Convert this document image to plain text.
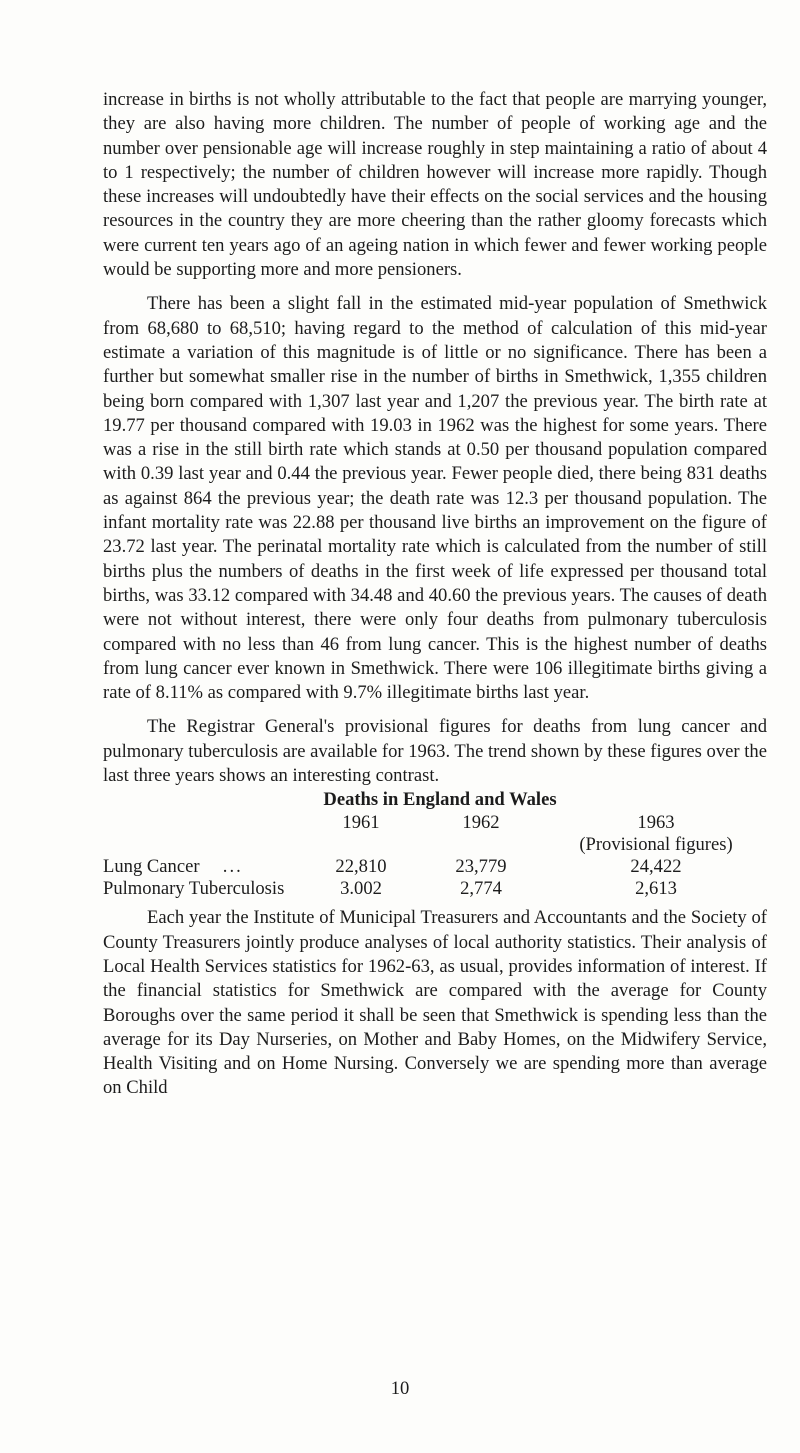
increase in births is not wholly attributable to the fact that people are marrying younger, they are also having more children. The number of people of working age and the number over pensionable age will increase roughly in step maintaining a ratio of about 4 to 1 respectively; the number of children however will increase more rapidly. Though these increases will undoubtedly have their effects on the social services and the housing resources in the country they are more cheering than the rather gloomy forecasts which were current ten years ago of an ageing nation in which fewer and fewer working people would be supporting more and more pensioners.

There has been a slight fall in the estimated mid-year population of Smethwick from 68,680 to 68,510; having regard to the method of calculation of this mid-year estimate a variation of this magnitude is of little or no significance. There has been a further but somewhat smaller rise in the number of births in Smethwick, 1,355 children being born compared with 1,307 last year and 1,207 the previous year. The birth rate at 19.77 per thousand compared with 19.03 in 1962 was the highest for some years. There was a rise in the still birth rate which stands at 0.50 per thousand population compared with 0.39 last year and 0.44 the previous year. Fewer people died, there being 831 deaths as against 864 the previous year; the death rate was 12.3 per thousand population. The infant mortality rate was 22.88 per thousand live births an improvement on the figure of 23.72 last year. The perinatal mortality rate which is calculated from the number of still births plus the numbers of deaths in the first week of life expressed per thousand total births, was 33.12 compared with 34.48 and 40.60 the previous years. The causes of death were not without interest, there were only four deaths from pulmonary tuberculosis compared with no less than 46 from lung cancer. This is the highest number of deaths from lung cancer ever known in Smethwick. There were 106 illegitimate births giving a rate of 8.11% as compared with 9.7% illegitimate births last year.

The Registrar General's provisional figures for deaths from lung cancer and pulmonary tuberculosis are available for 1963. The trend shown by these figures over the last three years shows an interesting contrast.

Deaths in England and Wales
	1961	1962	1963
			(Provisional figures)
Lung Cancer ...	22,810	23,779	24,422
Pulmonary Tuberculosis	3.002	2,774	2,613

Each year the Institute of Municipal Treasurers and Accountants and the Society of County Treasurers jointly produce analyses of local authority statistics. Their analysis of Local Health Services statistics for 1962-63, as usual, provides information of interest. If the financial statistics for Smethwick are compared with the average for County Boroughs over the same period it shall be seen that Smethwick is spending less than the average for its Day Nurseries, on Mother and Baby Homes, on the Midwifery Service, Health Visiting and on Home Nursing. Conversely we are spending more than average on Child

10
